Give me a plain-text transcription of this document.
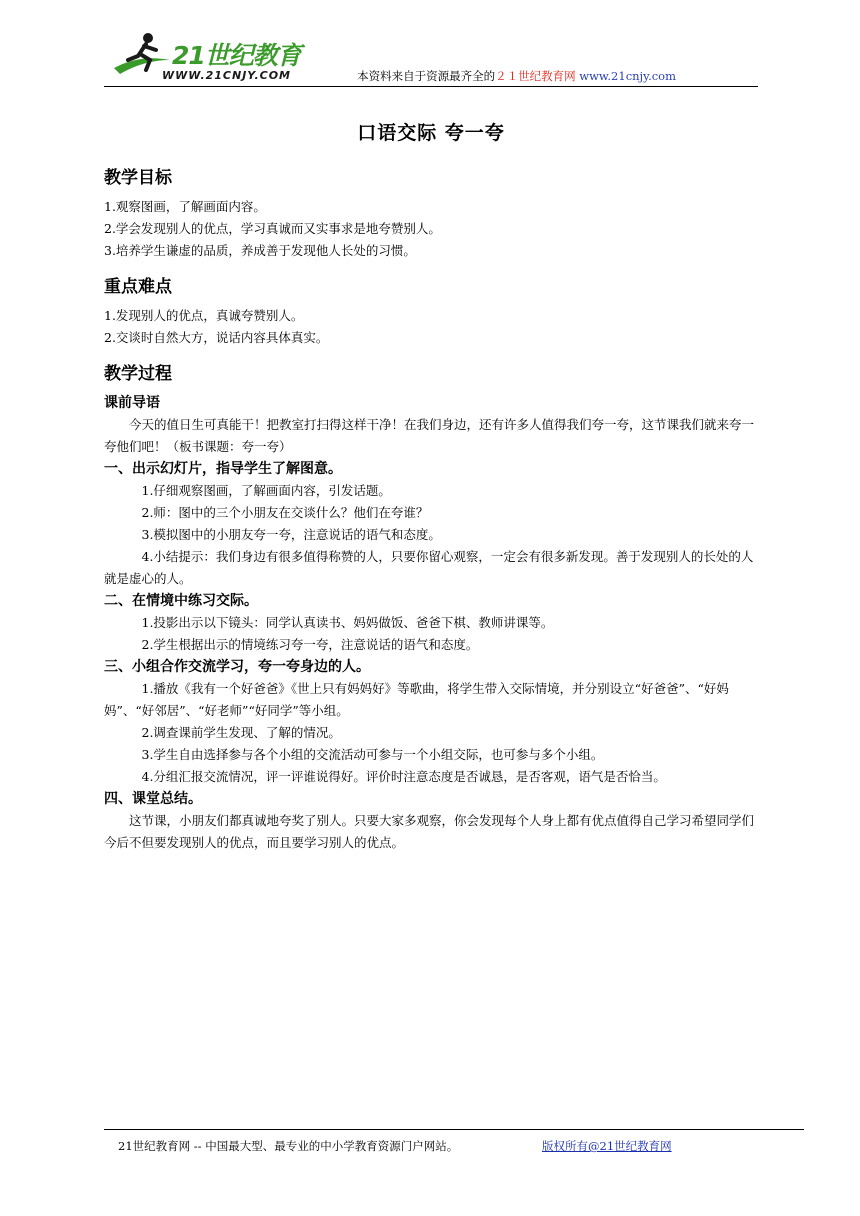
21世纪教育
WWW.21CNJY.COM	本资料来自于资源最齐全的２１世纪教育网 www.21cnjy.com
口语交际 夸一夸
教学目标
1.观察图画，了解画面内容。
2.学会发现别人的优点，学习真诚而又实事求是地夸赞别人。
3.培养学生谦虚的品质，养成善于发现他人长处的习惯。
重点难点
1.发现别人的优点，真诚夸赞别人。
2.交谈时自然大方，说话内容具体真实。
教学过程
课前导语
今天的值日生可真能干！把教室打扫得这样干净！在我们身边，还有许多人值得我们夸一夸，这节课我们就来夸一夸他们吧！（板书课题：夸一夸）
一、出示幻灯片，指导学生了解图意。
1.仔细观察图画，了解画面内容，引发话题。
2.师：图中的三个小朋友在交谈什么？他们在夸谁？
3.模拟图中的小朋友夸一夸，注意说话的语气和态度。
4.小结提示：我们身边有很多值得称赞的人，只要你留心观察，一定会有很多新发现。善于发现别人的长处的人就是虚心的人。
二、在情境中练习交际。
1.投影出示以下镜头：同学认真读书、妈妈做饭、爸爸下棋、教师讲课等。
2.学生根据出示的情境练习夸一夸，注意说话的语气和态度。
三、小组合作交流学习，夸一夸身边的人。
1.播放《我有一个好爸爸》《世上只有妈妈好》等歌曲，将学生带入交际情境，并分别设立“好爸爸”、“好妈妈”、“好邻居”、“好老师”“好同学”等小组。
2.调查课前学生发现、了解的情况。
3.学生自由选择参与各个小组的交流活动可参与一个小组交际，也可参与多个小组。
4.分组汇报交流情况，评一评谁说得好。评价时注意态度是否诚恳，是否客观，语气是否恰当。
四、课堂总结。
这节课，小朋友们都真诚地夸奖了别人。只要大家多观察，你会发现每个人身上都有优点值得自己学习希望同学们今后不但要发现别人的优点，而且要学习别人的优点。
21世纪教育网 -- 中国最大型、最专业的中小学教育资源门户网站。	版权所有@21世纪教育网
